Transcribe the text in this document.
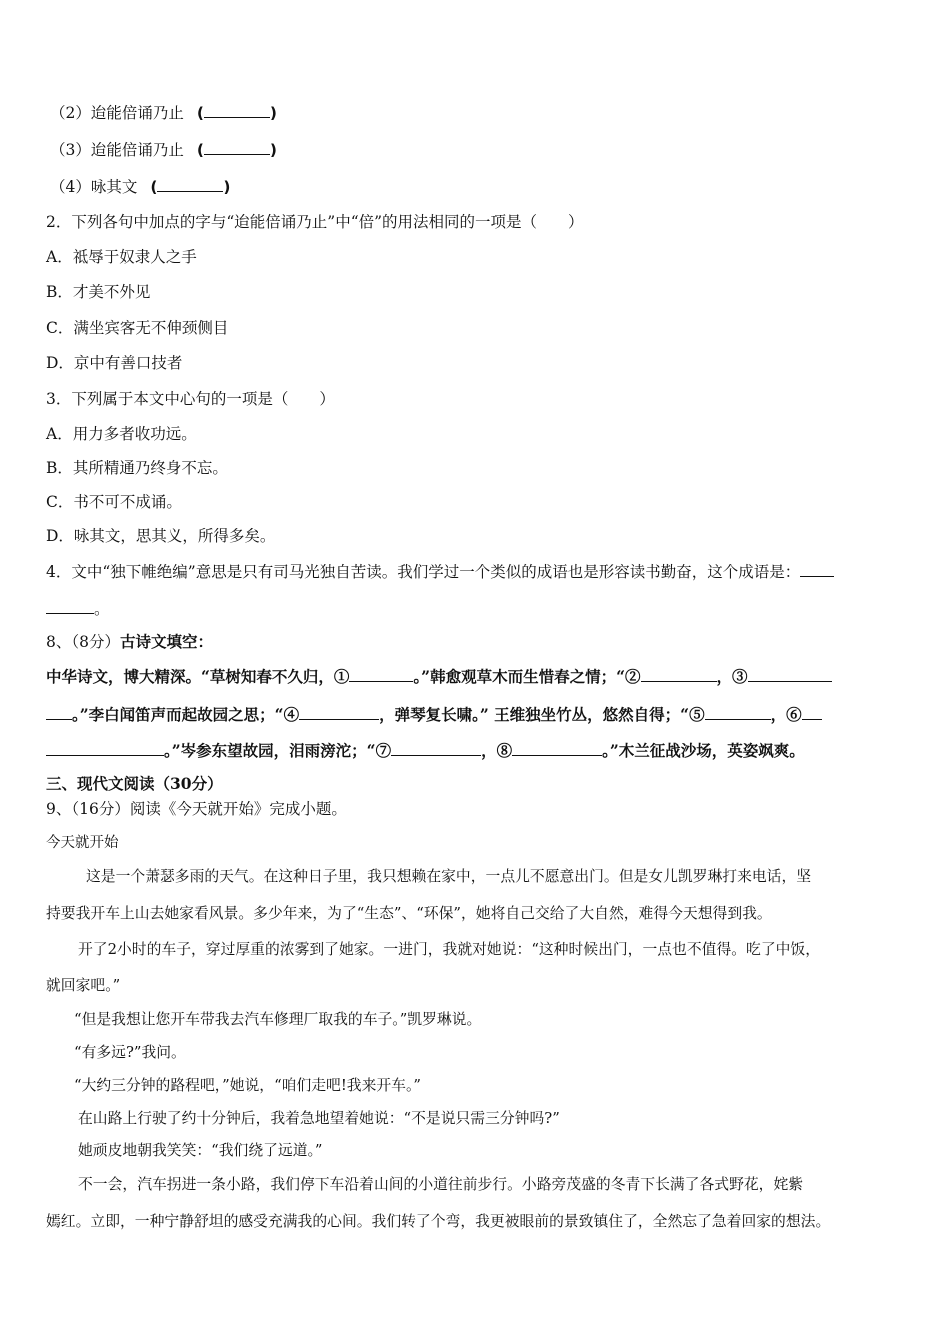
（2）迨能倍诵乃止 (	)
（3）迨能倍诵乃止 (	)
（4）咏其文 (	)
2．下列各句中加点的字与“迨能倍诵乃止”中“倍”的用法相同的一项是（　　）
A．祗辱于奴隶人之手
B．才美不外见
C．满坐宾客无不伸颈侧目
D．京中有善口技者
3．下列属于本文中心句的一项是（　　）
A．用力多者收功远。
B．其所精通乃终身不忘。
C．书不可不成诵。
D．咏其文，思其义，所得多矣。
4．文中“独下帷绝编”意思是只有司马光独自苦读。我们学过一个类似的成语也是形容读书勤奋，这个成语是：
。
8、（8分）古诗文填空：
中华诗文，博大精深。“草树知春不久归，①	。”韩愈观草木而生惜春之情；“②	，③
。”李白闻笛声而起故园之思；“④	，弹琴复长啸。” 王维独坐竹丛，悠然自得；“⑤	，⑥
。”岑参东望故园，泪雨滂沱；“⑦	，⑧	。”木兰征战沙场，英姿飒爽。
三、现代文阅读（30分）
9、（16分）阅读《今天就开始》完成小题。
今天就开始
这是一个萧瑟多雨的天气。在这种日子里，我只想赖在家中，一点儿不愿意出门。但是女儿凯罗琳打来电话，坚
持要我开车上山去她家看风景。多少年来，为了“生态”、“环保”，她将自己交给了大自然，难得今天想得到我。
开了2小时的车子，穿过厚重的浓雾到了她家。一进门，我就对她说：“这种时候出门，一点也不值得。吃了中饭，
就回家吧。”
“但是我想让您开车带我去汽车修理厂取我的车子。”凯罗琳说。
“有多远?”我问。
“大约三分钟的路程吧，”她说，“咱们走吧!我来开车。”
在山路上行驶了约十分钟后，我着急地望着她说：“不是说只需三分钟吗?”
她顽皮地朝我笑笑：“我们绕了远道。”
不一会，汽车拐进一条小路，我们停下车沿着山间的小道往前步行。小路旁茂盛的冬青下长满了各式野花，姹紫
嫣红。立即，一种宁静舒坦的感受充满我的心间。我们转了个弯，我更被眼前的景致镇住了，全然忘了急着回家的想法。
